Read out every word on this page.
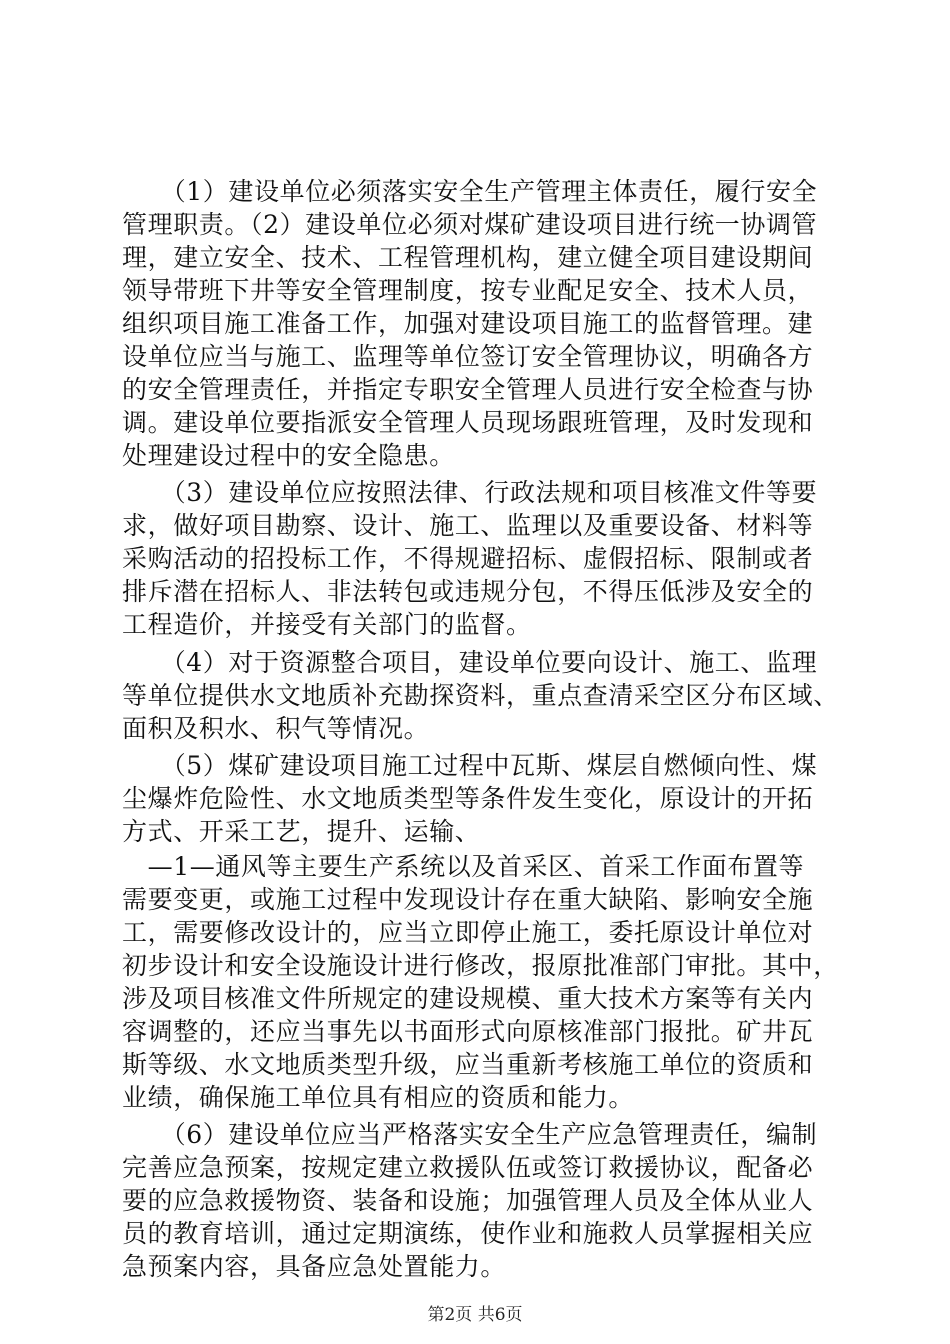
　　（1）建设单位必须落实安全生产管理主体责任，履行安全
管理职责。（2）建设单位必须对煤矿建设项目进行统一协调管
理，建立安全、技术、工程管理机构，建立健全项目建设期间
领导带班下井等安全管理制度，按专业配足安全、技术人员，
组织项目施工准备工作，加强对建设项目施工的监督管理。建
设单位应当与施工、监理等单位签订安全管理协议，明确各方
的安全管理责任，并指定专职安全管理人员进行安全检查与协
调。建设单位要指派安全管理人员现场跟班管理，及时发现和
处理建设过程中的安全隐患。
　　（3）建设单位应按照法律、行政法规和项目核准文件等要
求，做好项目勘察、设计、施工、监理以及重要设备、材料等
采购活动的招投标工作，不得规避招标、虚假招标、限制或者
排斥潜在招标人、非法转包或违规分包，不得压低涉及安全的
工程造价，并接受有关部门的监督。
　　（4）对于资源整合项目，建设单位要向设计、施工、监理
等单位提供水文地质补充勘探资料，重点查清采空区分布区域、
面积及积水、积气等情况。
　　（5）煤矿建设项目施工过程中瓦斯、煤层自燃倾向性、煤
尘爆炸危险性、水文地质类型等条件发生变化，原设计的开拓
方式、开采工艺，提升、运输、
　—1—通风等主要生产系统以及首采区、首采工作面布置等
需要变更，或施工过程中发现设计存在重大缺陷、影响安全施
工，需要修改设计的，应当立即停止施工，委托原设计单位对
初步设计和安全设施设计进行修改，报原批准部门审批。其中，
涉及项目核准文件所规定的建设规模、重大技术方案等有关内
容调整的，还应当事先以书面形式向原核准部门报批。矿井瓦
斯等级、水文地质类型升级，应当重新考核施工单位的资质和
业绩，确保施工单位具有相应的资质和能力。
　　（6）建设单位应当严格落实安全生产应急管理责任，编制
完善应急预案，按规定建立救援队伍或签订救援协议，配备必
要的应急救援物资、装备和设施；加强管理人员及全体从业人
员的教育培训，通过定期演练，使作业和施救人员掌握相关应
急预案内容，具备应急处置能力。
第2页 共6页
